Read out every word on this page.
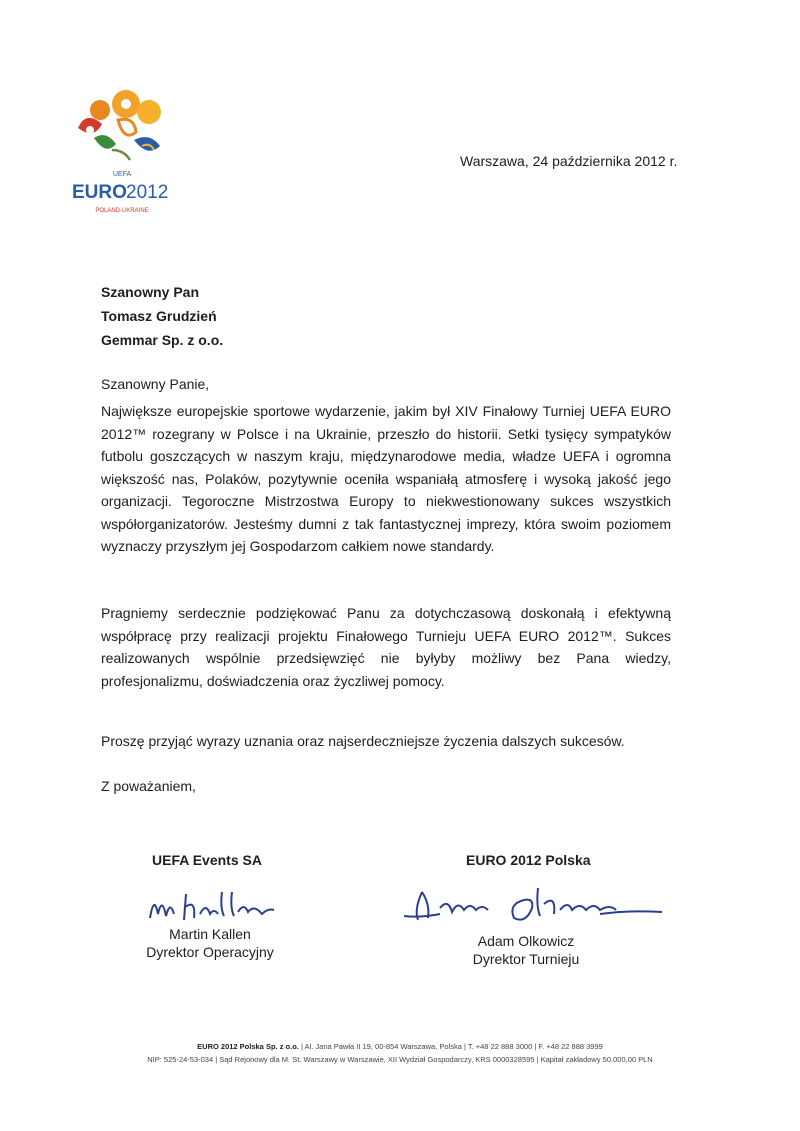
UEFA
EURO 2012
POLAND-UKRAINE
Warszawa, 24 października 2012 r.
Szanowny Pan
Tomasz Grudzień
Gemmar Sp. z o.o.
Szanowny Panie,
Największe europejskie sportowe wydarzenie, jakim był XIV Finałowy Turniej UEFA EURO 2012™ rozegrany w Polsce i na Ukrainie, przeszło do historii. Setki tysięcy sympatyków futbolu goszczących w naszym kraju, międzynarodowe media, władze UEFA i ogromna większość nas, Polaków, pozytywnie oceniła wspaniałą atmosferę i wysoką jakość jego organizacji. Tegoroczne Mistrzostwa Europy to niekwestionowany sukces wszystkich współorganizatorów. Jesteśmy dumni z tak fantastycznej imprezy, która swoim poziomem wyznaczy przyszłym jej Gospodarzom całkiem nowe standardy.
Pragniemy serdecznie podziękować Panu za dotychczasową doskonałą i efektywną współpracę przy realizacji projektu Finałowego Turnieju UEFA EURO 2012™. Sukces realizowanych wspólnie przedsięwzięć nie byłyby możliwy bez Pana wiedzy, profesjonalizmu, doświadczenia oraz życzliwej pomocy.
Proszę przyjąć wyrazy uznania oraz najserdeczniejsze życzenia dalszych sukcesów.
Z poważaniem,
UEFA Events SA	EURO 2012 Polska
Martin Kallen
Dyrektor Operacyjny
Adam Olkowicz
Dyrektor Turnieju
EURO 2012 Polska Sp. z o.o. | Al. Jana Pawła II 19, 00-854 Warszawa, Polska | T. +48 22 888 3000 | F. +48 22 888 3999
NIP: 525-24-53-034 | Sąd Rejonowy dla M. St. Warszawy w Warszawie, XII Wydział Gospodarczy, KRS 0000328595 | Kapitał zakładowy 50.000,00 PLN
